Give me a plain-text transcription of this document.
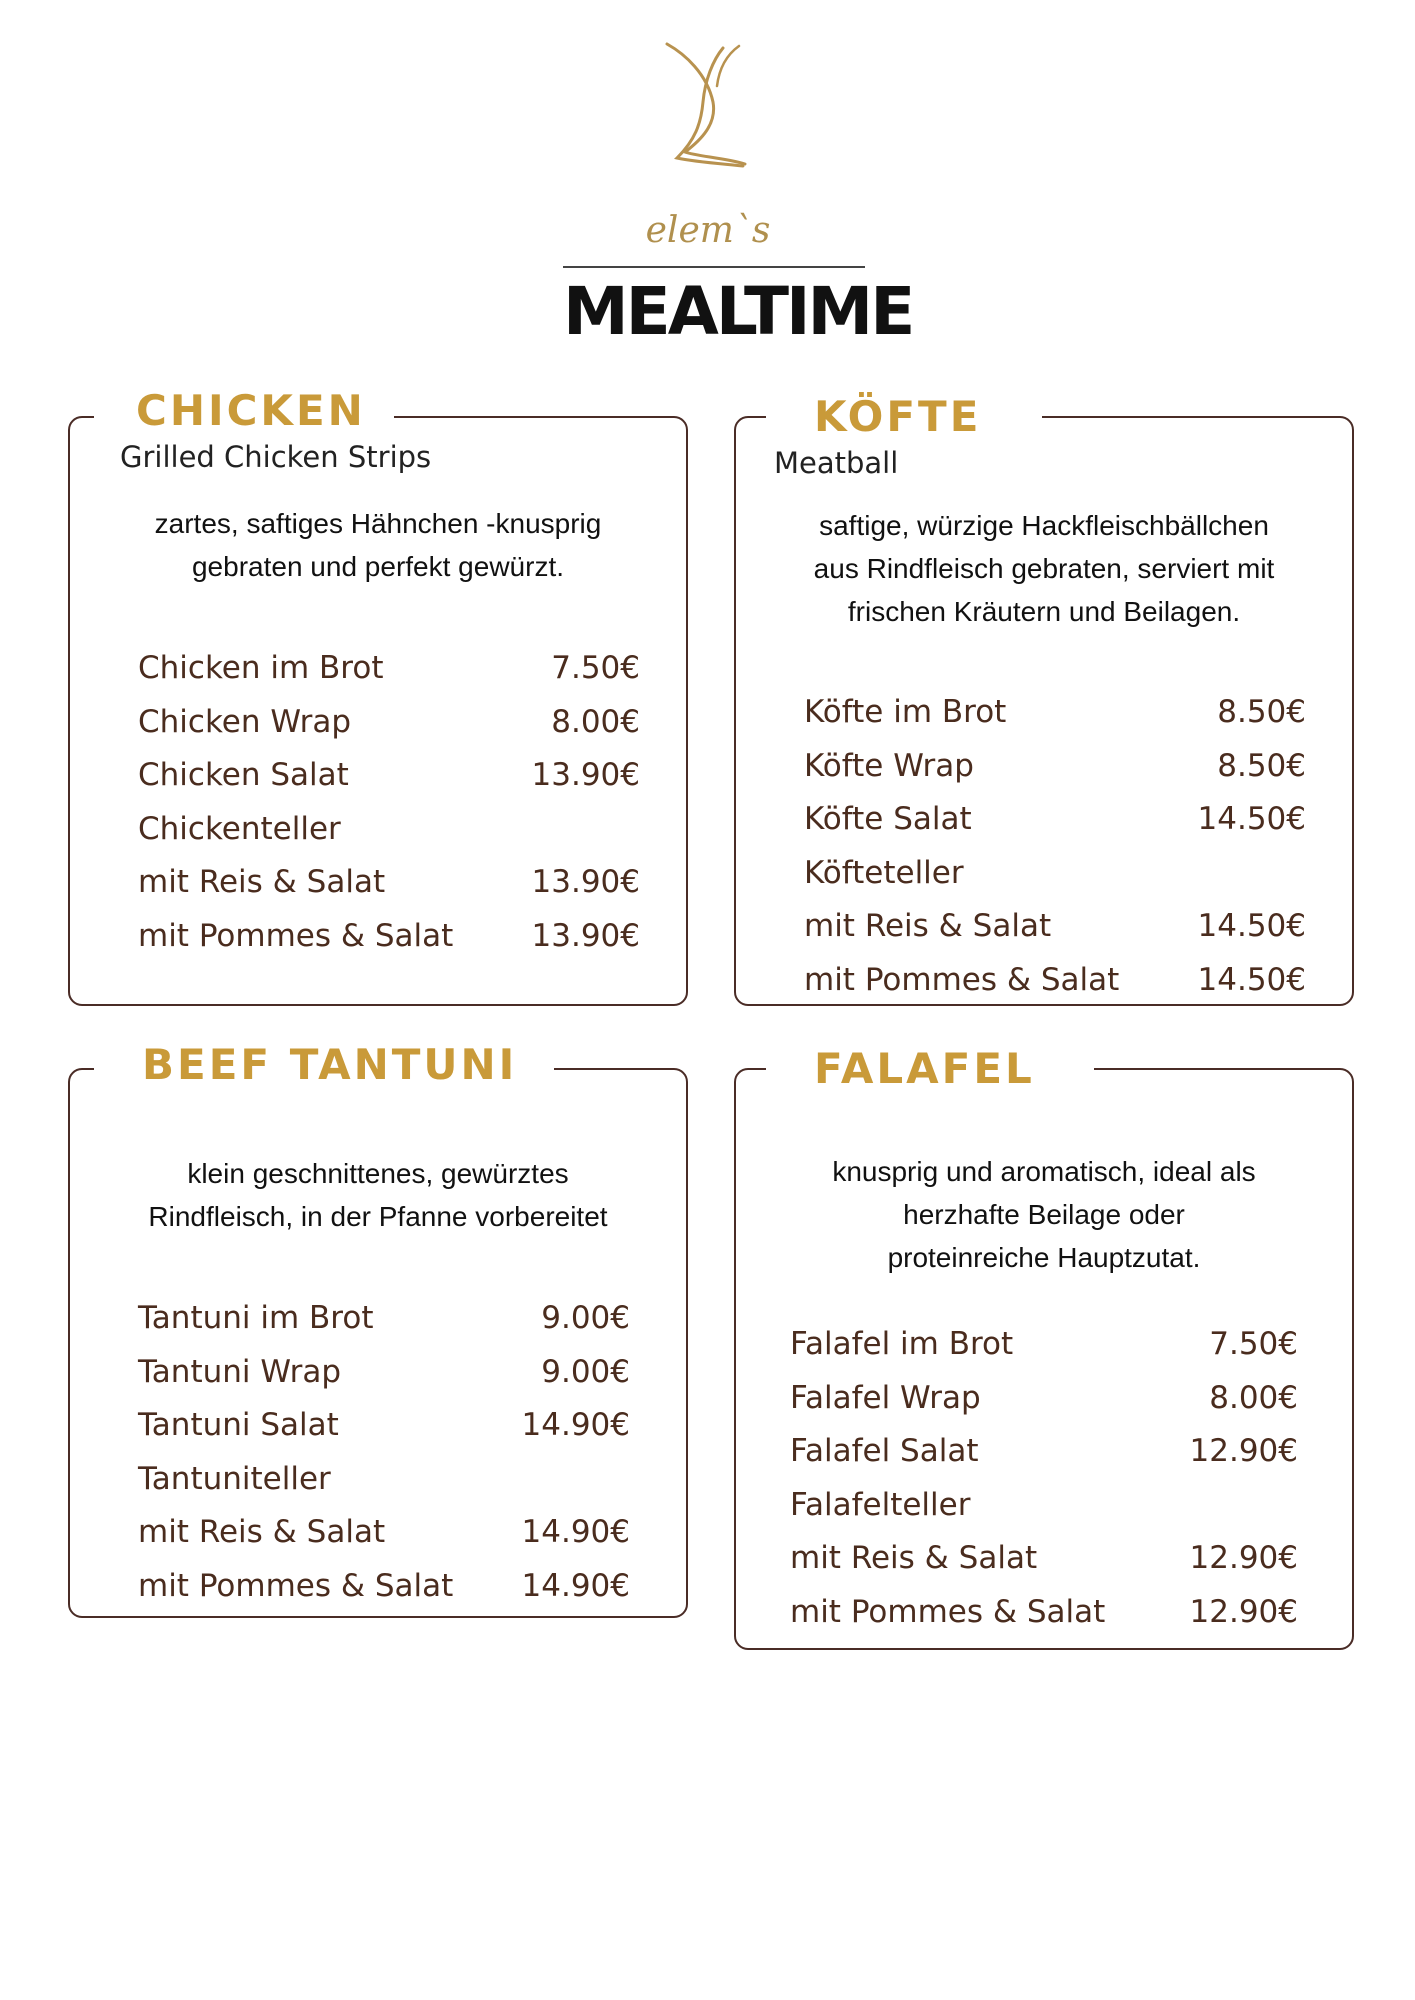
elem`s
MEALTIME
CHICKEN
Grilled Chicken Strips
zartes, saftiges Hähnchen -knusprig
gebraten und perfekt gewürzt.
Chicken im Brot	7.50€
Chicken Wrap	8.00€
Chicken Salat	13.90€
Chickenteller
mit Reis & Salat	13.90€
mit Pommes & Salat	13.90€
KÖFTE
Meatball
saftige, würzige Hackfleischbällchen
aus Rindfleisch gebraten, serviert mit
frischen Kräutern und Beilagen.
Köfte im Brot	8.50€
Köfte Wrap	8.50€
Köfte Salat	14.50€
Köfteteller
mit Reis & Salat	14.50€
mit Pommes & Salat	14.50€
BEEF TANTUNI
klein geschnittenes, gewürztes
Rindfleisch, in der Pfanne vorbereitet
Tantuni im Brot	9.00€
Tantuni Wrap	9.00€
Tantuni Salat	14.90€
Tantuniteller
mit Reis & Salat	14.90€
mit Pommes & Salat 14.90€
FALAFEL
knusprig und aromatisch, ideal als
herzhafte Beilage oder
proteinreiche Hauptzutat.
Falafel im Brot	7.50€
Falafel Wrap	8.00€
Falafel Salat	12.90€
Falafelteller
mit Reis & Salat	12.90€
mit Pommes & Salat	12.90€
